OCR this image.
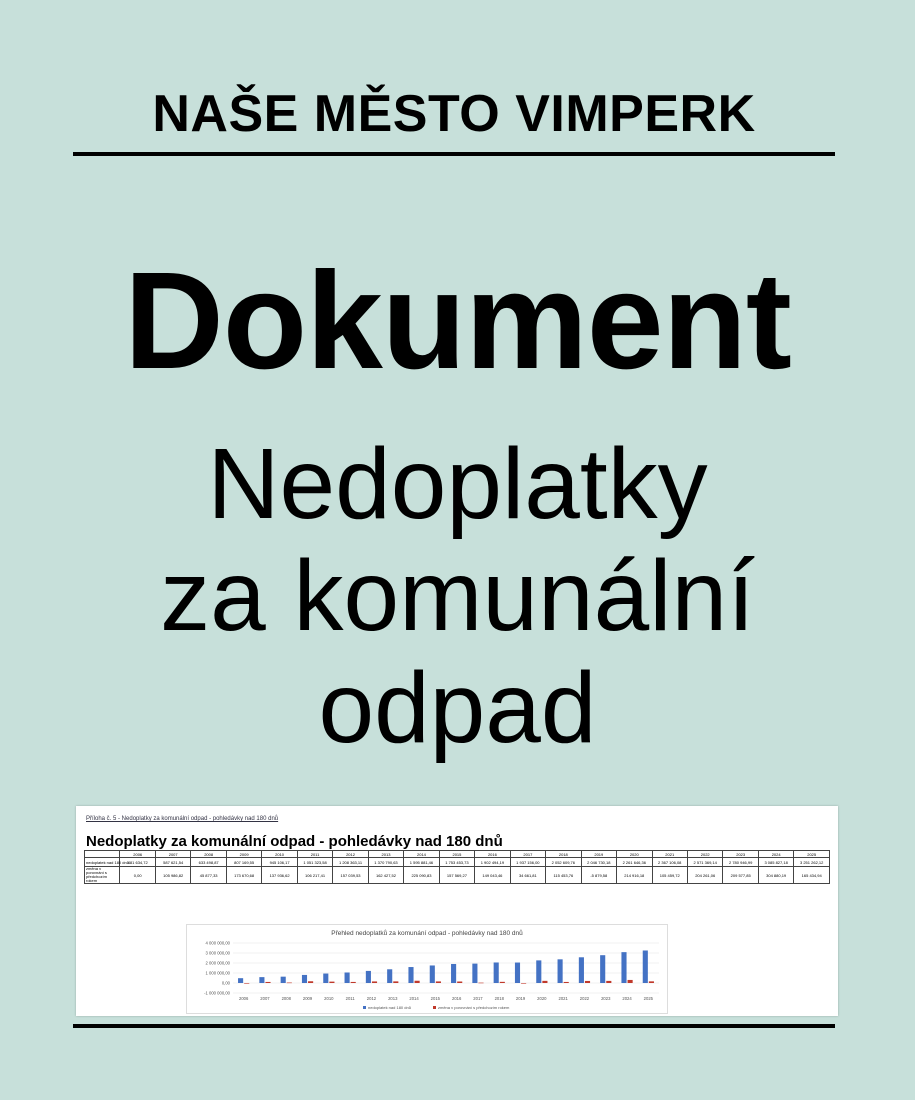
NAŠE MĚSTO VIMPERK
Dokument
Nedoplatky
za komunální
odpad
Příloha č. 5 - Nedoplatky za komunální odpad - pohledávky nad 180 dnů
Nedoplatky za komunální odpad - pohledávky nad 180 dnů
	2006	2007	2008	2009	2010	2011	2012	2013	2014	2015	2016	2017	2018	2019	2020	2021	2022	2023	2024	2025
nedoplatek nad 180 dnů	481 634,72	587 621,54	633 498,87	807 169,55	945 106,17	1 051 323,58	1 208 363,11	1 370 790,63	1 595 881,46	1 753 453,73	1 902 494,19	1 937 156,00	2 052 609,76	2 046 730,18	2 261 646,36	2 367 106,08	2 571 369,14	2 780 946,99	3 085 827,18	3 251 262,12
změna v porovnání s předchozím rokem	0,00	105 986,82	45 877,33	173 670,68	137 936,62	106 217,41	157 039,53	162 427,52	225 090,83	157 569,27	149 043,46	34 661,81	115 453,76	-5 879,58	214 916,18	105 459,72	204 261,06	209 577,85	304 880,19	165 434,94
Přehled nedoplatků za komunání odpad - pohledávky nad 180 dnů
4 000 000,00
3 000 000,00
2 000 000,00
1 000 000,00
0,00
-1 000 000,00
2006	2007	2008	2009	2010	2011	2012	2013	2014	2015	2016	2017	2018	2019	2020	2021	2022	2023	2024	2025
nedoplatek nad 180 dnů	změna v porovnání s předchozím rokem
